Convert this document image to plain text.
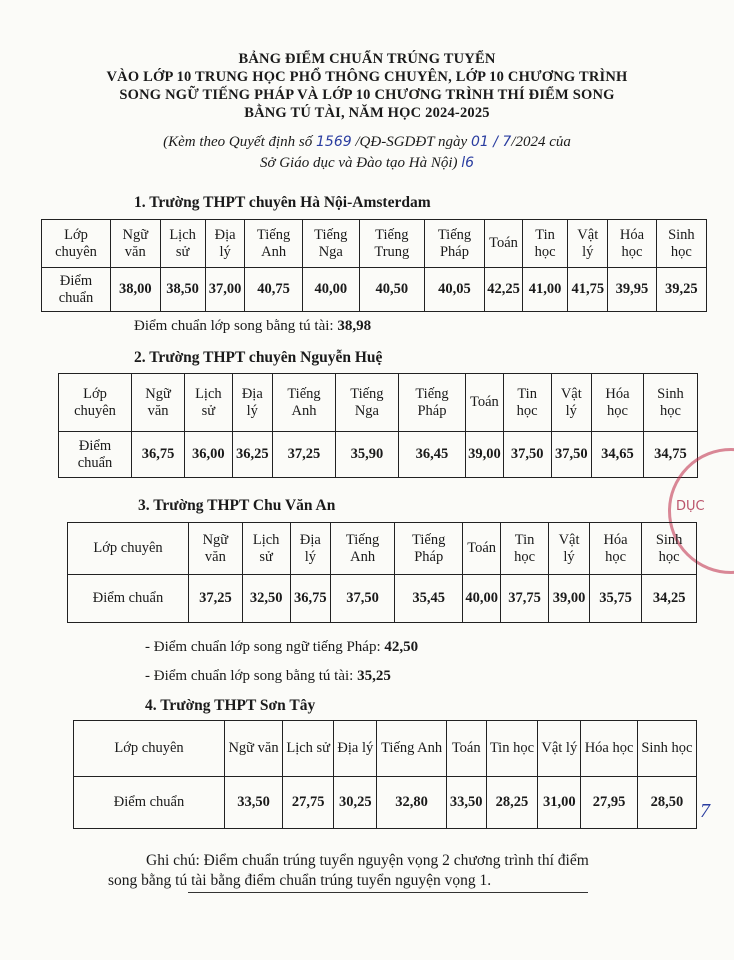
BẢNG ĐIỂM CHUẨN TRÚNG TUYỂN
VÀO LỚP 10 TRUNG HỌC PHỔ THÔNG CHUYÊN, LỚP 10 CHƯƠNG TRÌNH
SONG NGỮ TIẾNG PHÁP VÀ LỚP 10 CHƯƠNG TRÌNH THÍ ĐIỂM SONG
BẰNG TÚ TÀI, NĂM HỌC 2024-2025
(Kèm theo Quyết định số 1569 /QĐ-SGDĐT ngày 01 / 7/2024 của
Sở Giáo dục và Đào tạo Hà Nội) l6
1. Trường THPT chuyên Hà Nội-Amsterdam
Lớp chuyên	Ngữ văn	Lịch sử	Địa lý	Tiếng Anh	Tiếng Nga	Tiếng Trung	Tiếng Pháp	Toán	Tin học	Vật lý	Hóa học	Sinh học
Điểm chuẩn	38,00	38,50	37,00	40,75	40,00	40,50	40,05	42,25	41,00	41,75	39,95	39,25
Điểm chuẩn lớp song bằng tú tài: 38,98
2. Trường THPT chuyên Nguyễn Huệ
Lớp chuyên	Ngữ văn	Lịch sử	Địa lý	Tiếng Anh	Tiếng Nga	Tiếng Pháp	Toán	Tin học	Vật lý	Hóa học	Sinh học
Điểm chuẩn	36,75	36,00	36,25	37,25	35,90	36,45	39,00	37,50	37,50	34,65	34,75
DỤC
3. Trường THPT Chu Văn An
Lớp chuyên	Ngữ văn	Lịch sử	Địa lý	Tiếng Anh	Tiếng Pháp	Toán	Tin học	Vật lý	Hóa học	Sinh học
Điểm chuẩn	37,25	32,50	36,75	37,50	35,45	40,00	37,75	39,00	35,75	34,25
- Điểm chuẩn lớp song ngữ tiếng Pháp: 42,50
- Điểm chuẩn lớp song bằng tú tài: 35,25
4. Trường THPT Sơn Tây
Lớp chuyên	Ngữ văn	Lịch sử	Địa lý	Tiếng Anh	Toán	Tin học	Vật lý	Hóa học	Sinh học
Điểm chuẩn	33,50	27,75	30,25	32,80	33,50	28,25	31,00	27,95	28,50 7
Ghi chú: Điểm chuẩn trúng tuyển nguyện vọng 2 chương trình thí điểm
song bằng tú tài bằng điểm chuẩn trúng tuyển nguyện vọng 1.
